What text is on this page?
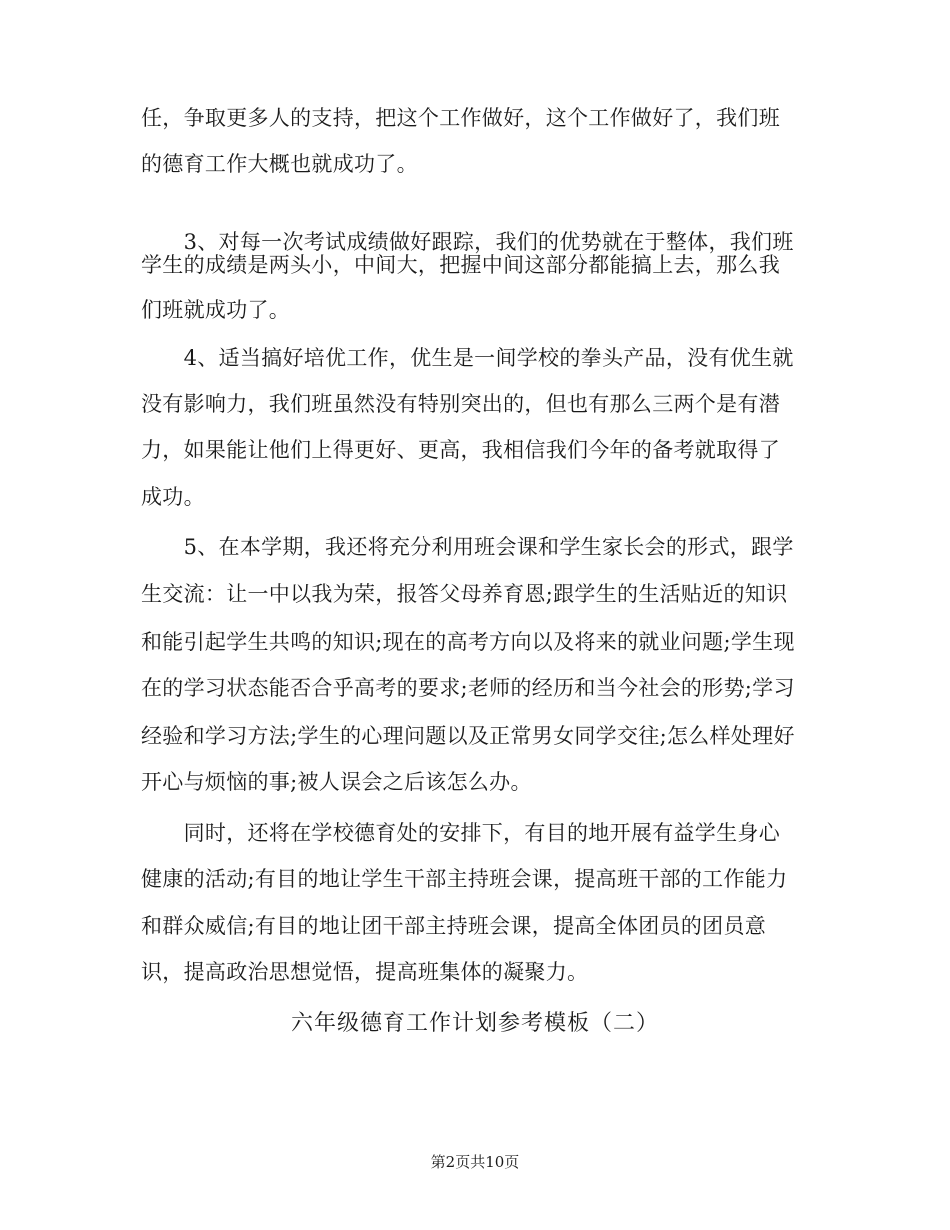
任，争取更多人的支持，把这个工作做好，这个工作做好了，我们班
的德育工作大概也就成功了。
　　3、对每一次考试成绩做好跟踪，我们的优势就在于整体，我们班
学生的成绩是两头小，中间大，把握中间这部分都能搞上去，那么我
们班就成功了。
　　4、适当搞好培优工作，优生是一间学校的拳头产品，没有优生就
没有影响力，我们班虽然没有特别突出的，但也有那么三两个是有潜
力，如果能让他们上得更好、更高，我相信我们今年的备考就取得了
成功。
　　5、在本学期，我还将充分利用班会课和学生家长会的形式，跟学
生交流：让一中以我为荣，报答父母养育恩;跟学生的生活贴近的知识
和能引起学生共鸣的知识;现在的高考方向以及将来的就业问题;学生现
在的学习状态能否合乎高考的要求;老师的经历和当今社会的形势;学习
经验和学习方法;学生的心理问题以及正常男女同学交往;怎么样处理好
开心与烦恼的事;被人误会之后该怎么办。
　　同时，还将在学校德育处的安排下，有目的地开展有益学生身心
健康的活动;有目的地让学生干部主持班会课，提高班干部的工作能力
和群众威信;有目的地让团干部主持班会课，提高全体团员的团员意
识，提高政治思想觉悟，提高班集体的凝聚力。
六年级德育工作计划参考模板（二）
第2页共10页
